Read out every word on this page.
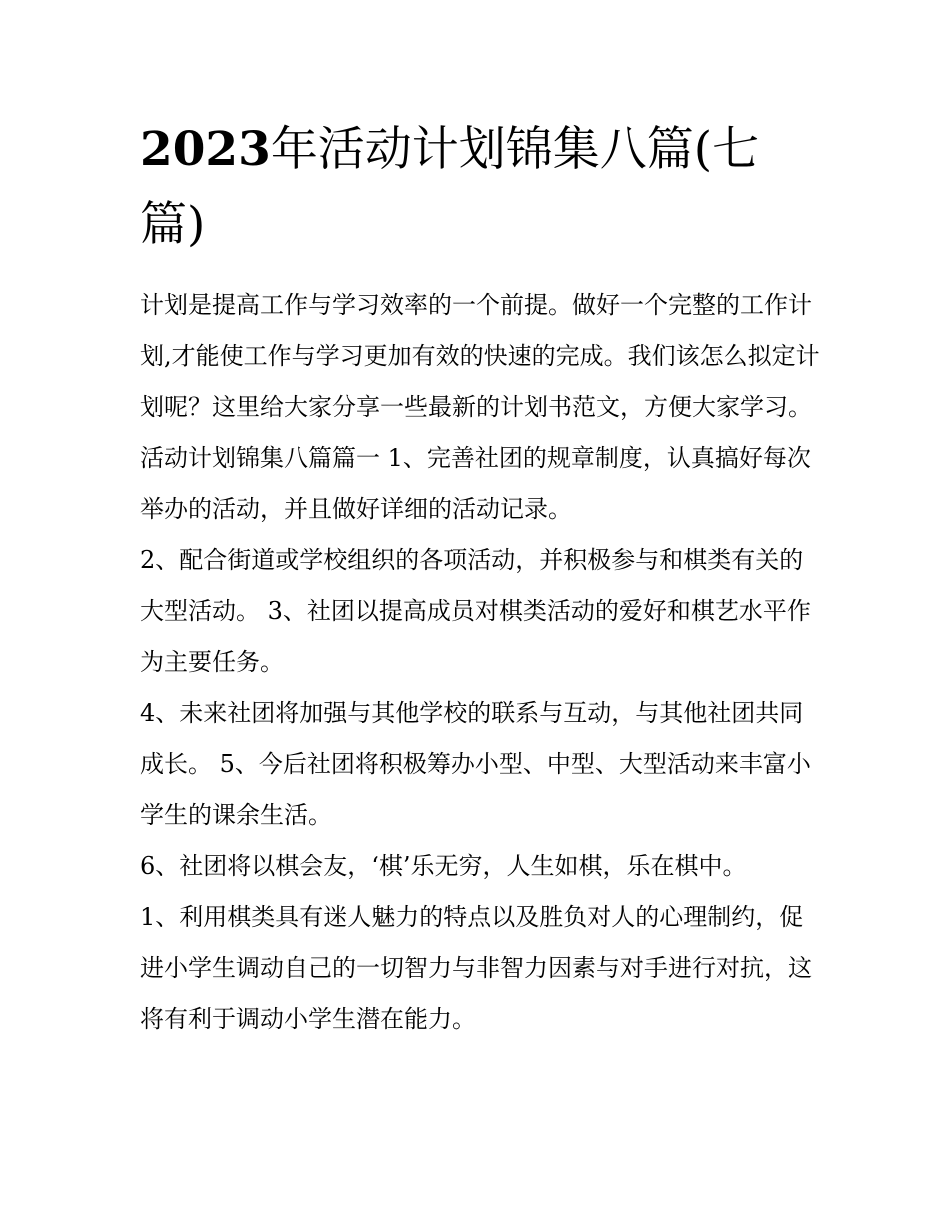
2023年活动计划锦集八篇(七篇)

计划是提高工作与学习效率的一个前提。做好一个完整的工作计划,才能使工作与学习更加有效的快速的完成。我们该怎么拟定计划呢？这里给大家分享一些最新的计划书范文，方便大家学习。

活动计划锦集八篇篇一 1、完善社团的规章制度，认真搞好每次举办的活动，并且做好详细的活动记录。

2、配合街道或学校组织的各项活动，并积极参与和棋类有关的大型活动。 3、社团以提高成员对棋类活动的爱好和棋艺水平作为主要任务。

4、未来社团将加强与其他学校的联系与互动，与其他社团共同成长。 5、今后社团将积极筹办小型、中型、大型活动来丰富小学生的课余生活。

6、社团将以棋会友，‘棋’乐无穷，人生如棋，乐在棋中。

1、利用棋类具有迷人魅力的特点以及胜负对人的心理制约，促进小学生调动自己的一切智力与非智力因素与对手进行对抗，这将有利于调动小学生潜在能力。
